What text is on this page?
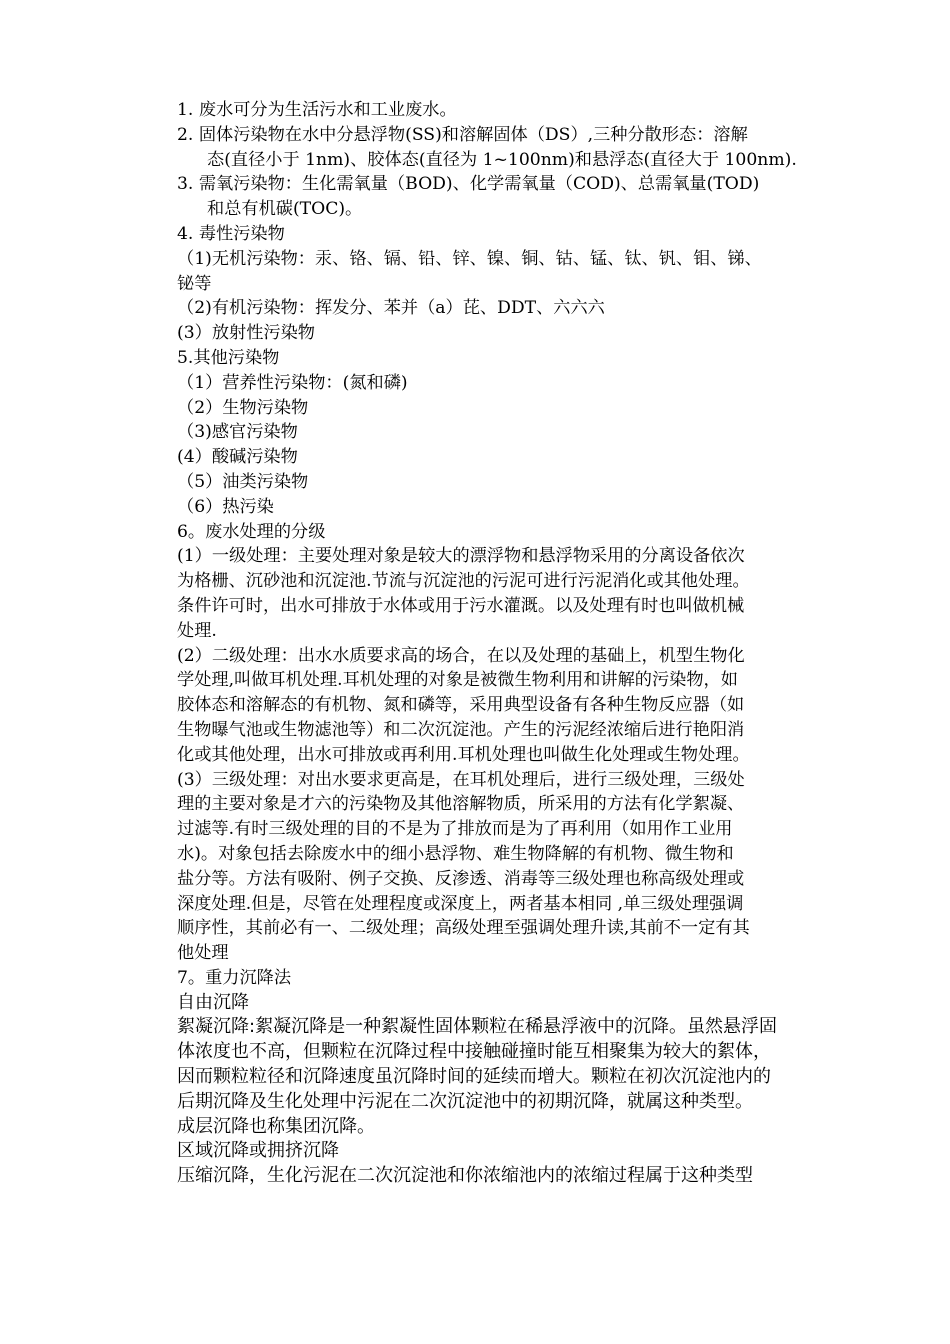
1. 废水可分为生活污水和工业废水。
2. 固体污染物在水中分悬浮物(SS)和溶解固体（DS）,三种分散形态：溶解
态(直径小于 1nm)、胶体态(直径为 1~100nm)和悬浮态(直径大于 100nm).
3. 需氧污染物：生化需氧量（BOD)、化学需氧量（COD)、总需氧量(TOD)
和总有机碳(TOC)。
4. 毒性污染物
（1)无机污染物：汞、铬、镉、铅、锌、镍、铜、钴、锰、钛、钒、钼、锑、
铋等
（2)有机污染物：挥发分、苯并（a）芘、DDT、六六六
(3）放射性污染物
5.其他污染物
（1）营养性污染物：(氮和磷)
（2）生物污染物
（3)感官污染物
(4）酸碱污染物
（5）油类污染物
（6）热污染
6。废水处理的分级
(1）一级处理：主要处理对象是较大的漂浮物和悬浮物采用的分离设备依次
为格栅、沉砂池和沉淀池.节流与沉淀池的污泥可进行污泥消化或其他处理。
条件许可时，出水可排放于水体或用于污水灌溉。以及处理有时也叫做机械
处理.
(2）二级处理：出水水质要求高的场合，在以及处理的基础上，机型生物化
学处理,叫做耳机处理.耳机处理的对象是被微生物利用和讲解的污染物，如
胶体态和溶解态的有机物、氮和磷等，采用典型设备有各种生物反应器（如
生物曝气池或生物滤池等）和二次沉淀池。产生的污泥经浓缩后进行艳阳消
化或其他处理，出水可排放或再利用.耳机处理也叫做生化处理或生物处理。
(3）三级处理：对出水要求更高是，在耳机处理后，进行三级处理，三级处
理的主要对象是才六的污染物及其他溶解物质，所采用的方法有化学絮凝、
过滤等.有时三级处理的目的不是为了排放而是为了再利用（如用作工业用
水)。对象包括去除废水中的细小悬浮物、难生物降解的有机物、微生物和
盐分等。方法有吸附、例子交换、反渗透、消毒等三级处理也称高级处理或
深度处理.但是，尽管在处理程度或深度上，两者基本相同 ,单三级处理强调
顺序性，其前必有一、二级处理；高级处理至强调处理升读,其前不一定有其
他处理
7。重力沉降法
自由沉降
絮凝沉降:絮凝沉降是一种絮凝性固体颗粒在稀悬浮液中的沉降。虽然悬浮固
体浓度也不高，但颗粒在沉降过程中接触碰撞时能互相聚集为较大的絮体，
因而颗粒粒径和沉降速度虽沉降时间的延续而增大。颗粒在初次沉淀池内的
后期沉降及生化处理中污泥在二次沉淀池中的初期沉降，就属这种类型。
成层沉降也称集团沉降。
区域沉降或拥挤沉降
压缩沉降，生化污泥在二次沉淀池和你浓缩池内的浓缩过程属于这种类型
